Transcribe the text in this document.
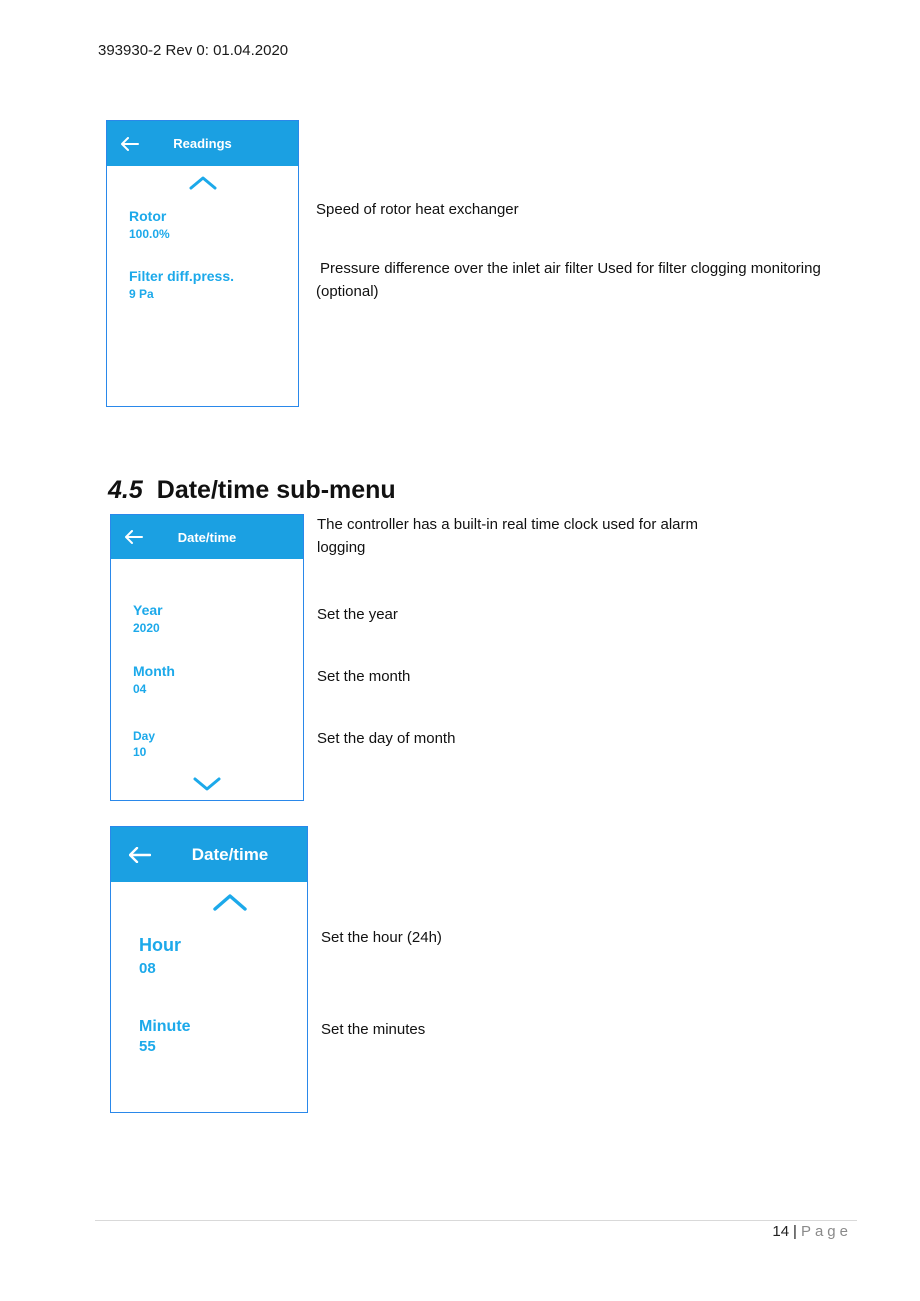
393930-2 Rev 0: 01.04.2020
Readings
Rotor
100.0%
Filter diff.press.
9 Pa
Speed of rotor heat exchanger
Pressure difference over the inlet air filter Used for filter clogging monitoring (optional)
4.5 Date/time sub-menu
Date/time
Year
2020
Month
04
Day
10
The controller has a built-in real time clock used for alarm logging
Set the year
Set the month
Set the day of month
Date/time
Hour
08
Minute
55
Set the hour (24h)
Set the minutes
14 | Page
